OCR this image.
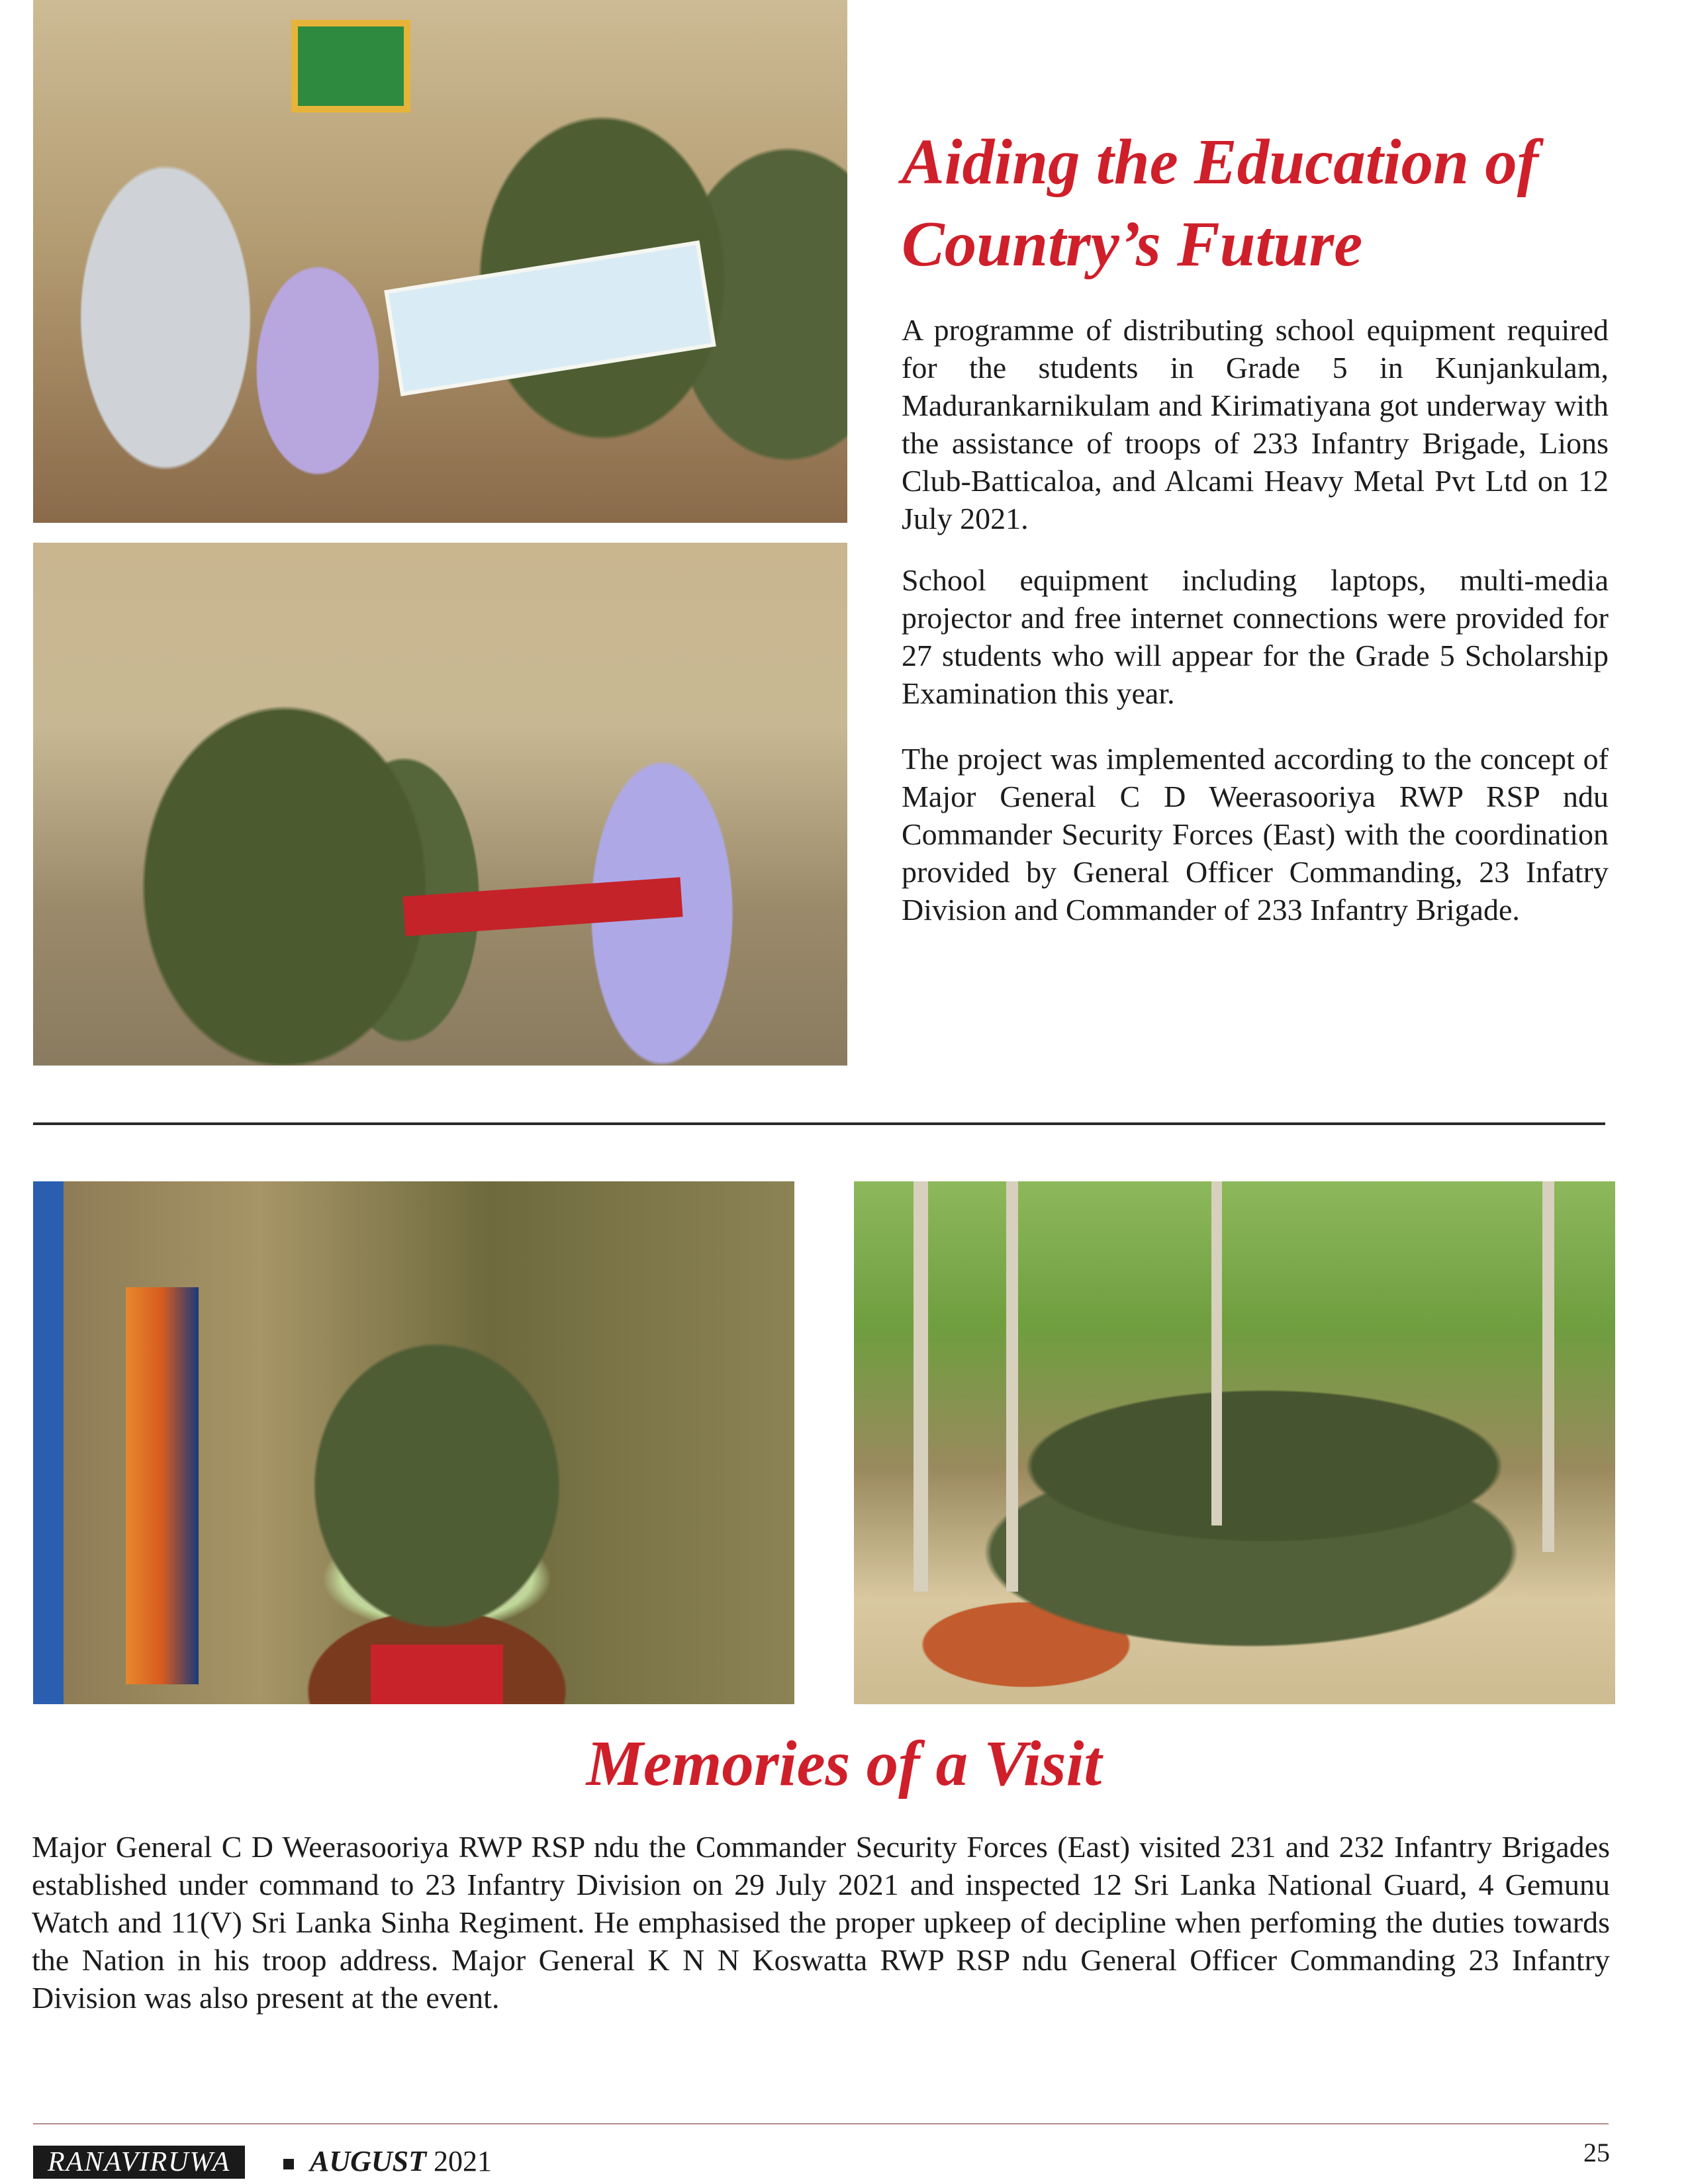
Aiding the Education of Country’s Future

A programme of distributing school equipment required for the students in Grade 5 in Kunjankulam, Madurankarnikulam and Kirimatiyana got underway with the assistance of troops of 233 Infantry Brigade, Lions Club-Batticaloa, and Alcami Heavy Metal Pvt Ltd on 12 July 2021.

School equipment including laptops, multi-media projector and free internet connections were provided for 27 students who will appear for the Grade 5 Scholarship Examination this year.

The project was implemented according to the concept of Major General C D Weerasooriya RWP RSP ndu Commander Security Forces (East) with the coordination provided by General Officer Commanding, 23 Infatry Division and Commander of 233 Infantry Brigade.

Memories of a Visit

Major General C D Weerasooriya RWP RSP ndu the Commander Security Forces (East) visited 231 and 232 Infantry Brigades established under command to 23 Infantry Division on 29 July 2021 and inspected 12 Sri Lanka National Guard, 4 Gemunu Watch and 11(V) Sri Lanka Sinha Regiment. He emphasised the proper upkeep of decipline when perfoming the duties towards the Nation in his troop address. Major General K N N Koswatta RWP RSP ndu General Officer Commanding 23 Infantry Division was also present at the event.

RANAVIRUWA	AUGUST 2021	25
